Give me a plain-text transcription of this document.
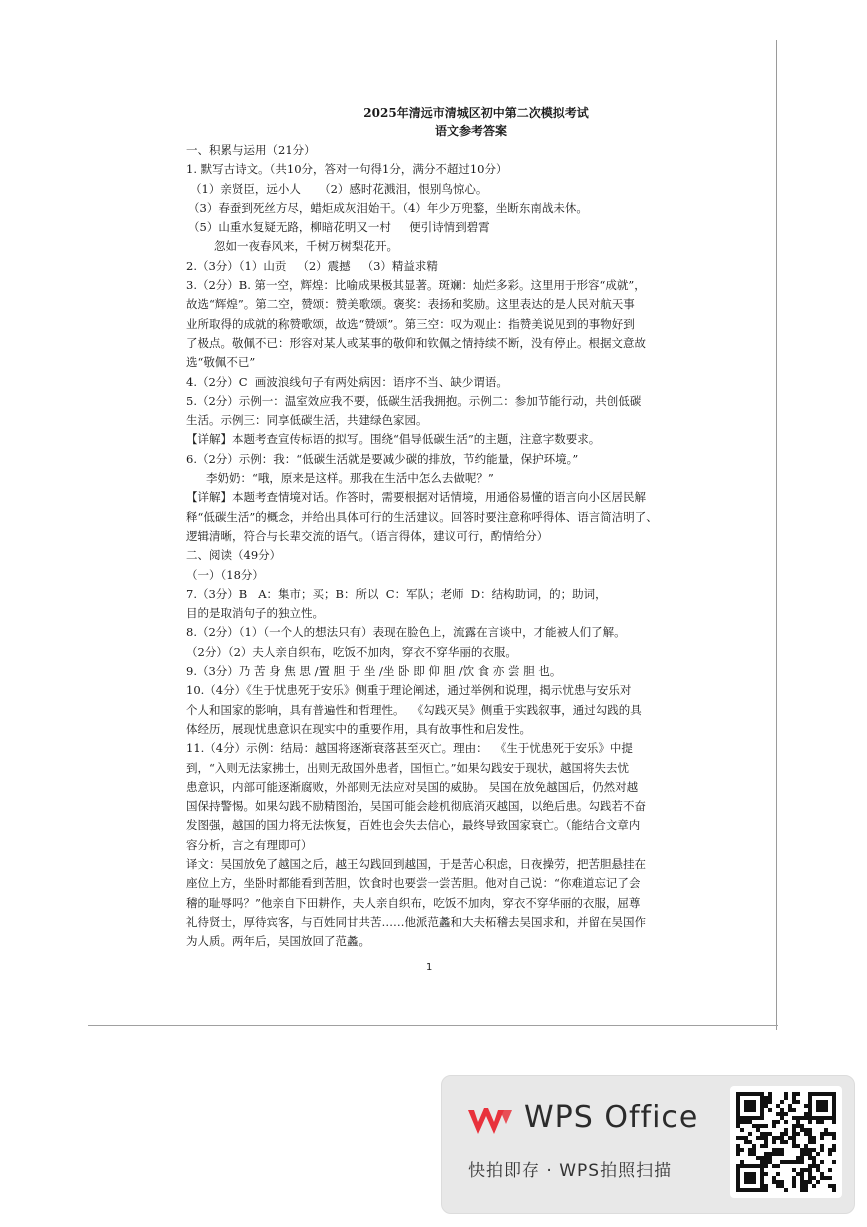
2025年清远市清城区初中第二次模拟考试
语文参考答案
一、积累与运用（21分）
1. 默写古诗文。（共10分，答对一句得1分，满分不超过10分）
（1）亲贤臣，远小人     （2）感时花溅泪，恨别鸟惊心。
（3）春蚕到死丝方尽，蜡炬成灰泪始干。（4）年少万兜鍪，坐断东南战未休。
（5）山重水复疑无路，柳暗花明又一村     便引诗情到碧霄
忽如一夜春风来，千树万树梨花开。
2.（3分）（1）山贡   （2）震撼   （3）精益求精
3.（2分）B. 第一空，辉煌：比喻成果极其显著。斑斓：灿烂多彩。这里用于形容“成就”，
故选“辉煌”。第二空，赞颂：赞美歌颂。褒奖：表扬和奖励。这里表达的是人民对航天事
业所取得的成就的称赞歌颂，故选“赞颂”。第三空：叹为观止：指赞美说见到的事物好到
了极点。敬佩不已：形容对某人或某事的敬仰和钦佩之情持续不断，没有停止。根据文意故
选“敬佩不已”
4.（2分）C  画波浪线句子有两处病因：语序不当、缺少谓语。
5.（2分）示例一：温室效应我不要，低碳生活我拥抱。示例二：参加节能行动，共创低碳
生活。示例三：同享低碳生活，共建绿色家园。
【详解】本题考查宣传标语的拟写。围绕“倡导低碳生活”的主题，注意字数要求。
6.（2分）示例：我：“低碳生活就是要减少碳的排放，节约能量，保护环境。”
李奶奶：“哦，原来是这样。那我在生活中怎么去做呢？”
【详解】本题考查情境对话。作答时，需要根据对话情境，用通俗易懂的语言向小区居民解
释“低碳生活”的概念，并给出具体可行的生活建议。回答时要注意称呼得体、语言简洁明了、
逻辑清晰，符合与长辈交流的语气。（语言得体，建议可行，酌情给分）
二、阅读（49分）
（一）（18分）
7.（3分）B   A：集市；买；B：所以  C：军队；老师  D：结构助词，的；助词，
目的是取消句子的独立性。
8.（2分）（1）（一个人的想法只有）表现在脸色上，流露在言谈中，才能被人们了解。
（2分）（2）夫人亲自织布，吃饭不加肉，穿衣不穿华丽的衣服。
9.（3分）乃 苦 身 焦 思 /置 胆 于 坐 /坐 卧 即 仰 胆 /饮 食 亦 尝 胆 也。
10.（4分）《生于忧患死于安乐》侧重于理论阐述，通过举例和说理，揭示忧患与安乐对
个人和国家的影响，具有普遍性和哲理性。  《勾践灭吴》侧重于实践叙事，通过勾践的具
体经历，展现忧患意识在现实中的重要作用，具有故事性和启发性。
11.（4分）示例：结局：越国将逐渐衰落甚至灭亡。理由：  《生于忧患死于安乐》中提
到，“入则无法家拂士，出则无敌国外患者，国恒亡。”如果勾践安于现状，越国将失去忧
患意识，内部可能逐渐腐败，外部则无法应对吴国的威胁。 吴国在放免越国后，仍然对越
国保持警惕。如果勾践不励精图治，吴国可能会趁机彻底消灭越国，以绝后患。勾践若不奋
发图强，越国的国力将无法恢复，百姓也会失去信心，最终导致国家衰亡。（能结合文章内
容分析，言之有理即可）
译文：吴国放免了越国之后，越王勾践回到越国，于是苦心积虑，日夜操劳，把苦胆悬挂在
座位上方，坐卧时都能看到苦胆，饮食时也要尝一尝苦胆。他对自己说：“你难道忘记了会
稽的耻辱吗？”他亲自下田耕作，夫人亲自织布，吃饭不加肉，穿衣不穿华丽的衣服，屈尊
礼待贤士，厚待宾客，与百姓同甘共苦……他派范蠡和大夫柘稽去吴国求和，并留在吴国作
为人质。两年后，吴国放回了范蠡。
1
WPS Office
快拍即存 · WPS拍照扫描
